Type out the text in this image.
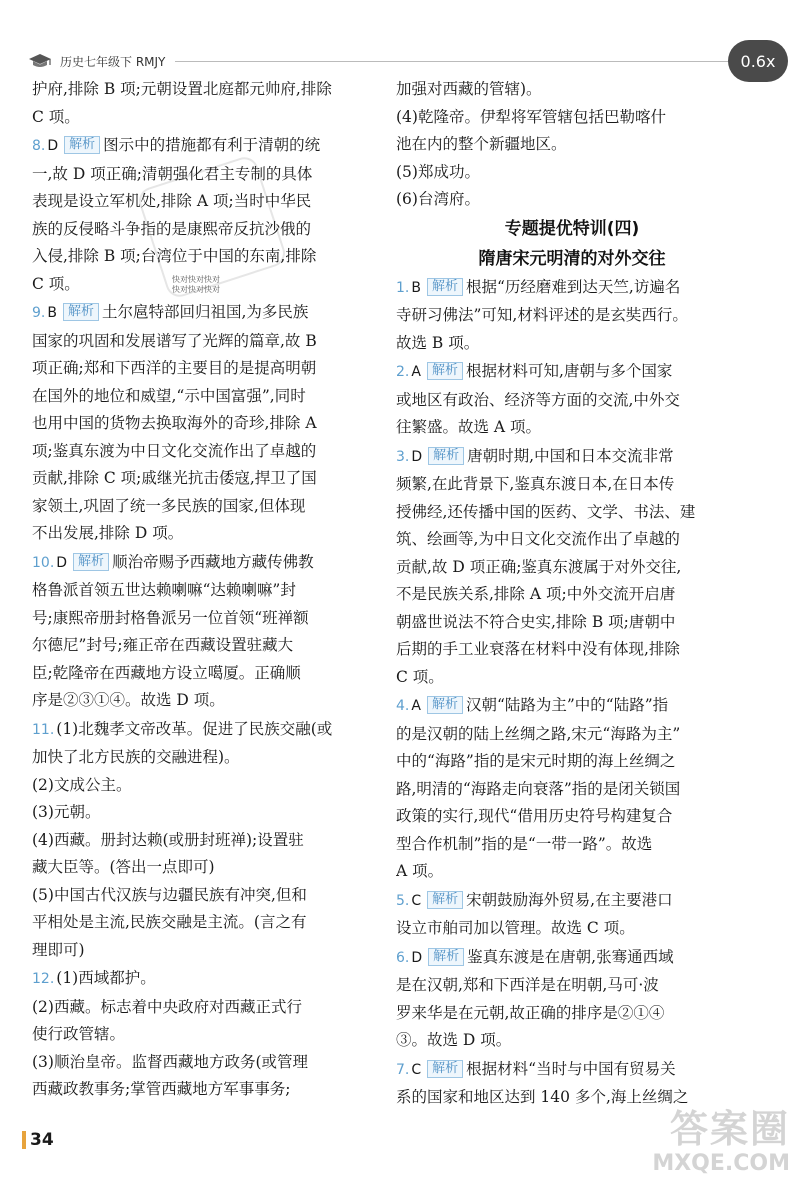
历史七年级下 RMJY	0.6x
快对快对快对
快对快对快对
护府,排除 B 项;元朝设置北庭都元帅府,排除
C 项。
8. D 解析 图示中的措施都有利于清朝的统
一,故 D 项正确;清朝强化君主专制的具体
表现是设立军机处,排除 A 项;当时中华民
族的反侵略斗争指的是康熙帝反抗沙俄的
入侵,排除 B 项;台湾位于中国的东南,排除
C 项。
9. B 解析 土尔扈特部回归祖国,为多民族
国家的巩固和发展谱写了光辉的篇章,故 B
项正确;郑和下西洋的主要目的是提高明朝
在国外的地位和威望,“示中国富强”,同时
也用中国的货物去换取海外的奇珍,排除 A
项;鉴真东渡为中日文化交流作出了卓越的
贡献,排除 C 项;戚继光抗击倭寇,捍卫了国
家领土,巩固了统一多民族的国家,但体现
不出发展,排除 D 项。
10. D 解析 顺治帝赐予西藏地方藏传佛教
格鲁派首领五世达赖喇嘛“达赖喇嘛”封
号;康熙帝册封格鲁派另一位首领“班禅额
尔德尼”封号;雍正帝在西藏设置驻藏大
臣;乾隆帝在西藏地方设立噶厦。正确顺
序是②③①④。故选 D 项。
11. (1)北魏孝文帝改革。促进了民族交融(或
加快了北方民族的交融进程)。
(2)文成公主。
(3)元朝。
(4)西藏。册封达赖(或册封班禅);设置驻
藏大臣等。(答出一点即可)
(5)中国古代汉族与边疆民族有冲突,但和
平相处是主流,民族交融是主流。(言之有
理即可)
12. (1)西域都护。
(2)西藏。标志着中央政府对西藏正式行
使行政管辖。
(3)顺治皇帝。监督西藏地方政务(或管理
西藏政教事务;掌管西藏地方军事事务;
加强对西藏的管辖)。
(4)乾隆帝。伊犁将军管辖包括巴勒喀什
池在内的整个新疆地区。
(5)郑成功。
(6)台湾府。
专题提优特训(四)
隋唐宋元明清的对外交往
1. B 解析 根据“历经磨难到达天竺,访遍名
寺研习佛法”可知,材料评述的是玄奘西行。
故选 B 项。
2. A 解析 根据材料可知,唐朝与多个国家
或地区有政治、经济等方面的交流,中外交
往繁盛。故选 A 项。
3. D 解析 唐朝时期,中国和日本交流非常
频繁,在此背景下,鉴真东渡日本,在日本传
授佛经,还传播中国的医药、文学、书法、建
筑、绘画等,为中日文化交流作出了卓越的
贡献,故 D 项正确;鉴真东渡属于对外交往,
不是民族关系,排除 A 项;中外交流开启唐
朝盛世说法不符合史实,排除 B 项;唐朝中
后期的手工业衰落在材料中没有体现,排除
C 项。
4. A 解析 汉朝“陆路为主”中的“陆路”指
的是汉朝的陆上丝绸之路,宋元“海路为主”
中的“海路”指的是宋元时期的海上丝绸之
路,明清的“海路走向衰落”指的是闭关锁国
政策的实行,现代“借用历史符号构建复合
型合作机制”指的是“一带一路”。故选
A 项。
5. C 解析 宋朝鼓励海外贸易,在主要港口
设立市舶司加以管理。故选 C 项。
6. D 解析 鉴真东渡是在唐朝,张骞通西域
是在汉朝,郑和下西洋是在明朝,马可·波
罗来华是在元朝,故正确的排序是②①④
③。故选 D 项。
7. C 解析 根据材料“当时与中国有贸易关
系的国家和地区达到 140 多个,海上丝绸之
34	答案圈
MXQE.COM
